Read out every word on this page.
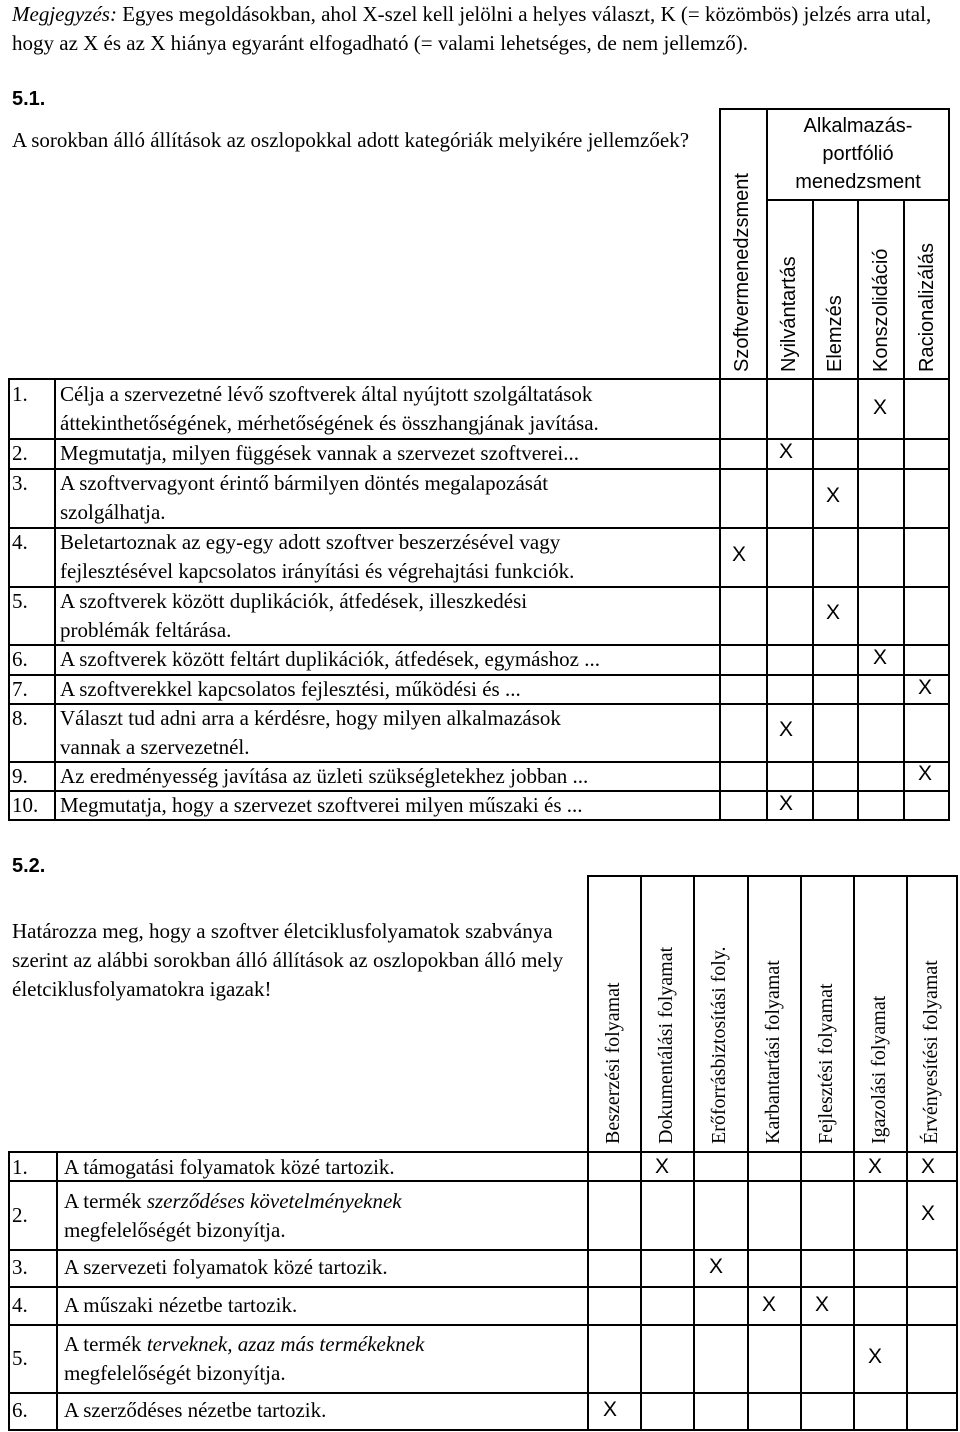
Megjegyzés: Egyes megoldásokban, ahol X-szel kell jelölni a helyes választ, K (= közömbös) jelzés arra utal, hogy az X és az X hiánya egyaránt elfogadható (= valami lehetséges, de nem jellemző).
5.1.
A sorokban álló állítások az oszlopokkal adott kategóriák melyikére jellemzőek?
Alkalmazás-
portfólió
menedzsment
Szoftvermenedzsment Nyilvántartás Elemzés Konszolidáció Racionalizálás
1. Célja a szervezetné lévő szoftverek által nyújtott szolgáltatások
áttekinthetőségének, mérhetőségének és összhangjának javítása.
2. Megmutatja, milyen függések vannak a szervezet szoftverei...
3. A szoftvervagyont érintő bármilyen döntés megalapozását
szolgálhatja.
4. Beletartoznak az egy-egy adott szoftver beszerzésével vagy
fejlesztésével kapcsolatos irányítási és végrehajtási funkciók.
5. A szoftverek között duplikációk, átfedések, illeszkedési
problémák feltárása.
6. A szoftverek között feltárt duplikációk, átfedések, egymáshoz ...
7. A szoftverekkel kapcsolatos fejlesztési, működési és ...
8. Választ tud adni arra a kérdésre, hogy milyen alkalmazások
vannak a szervezetnél.
9. Az eredményesség javítása az üzleti szükségletekhez jobban ...
10. Megmutatja, hogy a szervezet szoftverei milyen műszaki és ...
X
X
X
X
X
X
X
X
X
X
5.2.
Határozza meg, hogy a szoftver életciklusfolyamatok szabványa szerint az alábbi sorokban álló állítások az oszlopokban álló mely életciklusfolyamatokra igazak!	Beszerzési folyamat Dokumentálási folyamat Erőforrásbiztosítási foly. Karbantartási folyamat Fejlesztési folyamat Igazolási folyamat Érvényesítési folyamat
1. A támogatási folyamatok közé tartozik.
2.
A termék szerződéses követelményeknek
megfelelőségét bizonyítja.
3. A szervezeti folyamatok közé tartozik.
4. A műszaki nézetbe tartozik.
5.
A termék terveknek, azaz más termékeknek
megfelelőségét bizonyítja.
6. A szerződéses nézetbe tartozik.
X	X X
X
X
X X
X
X
